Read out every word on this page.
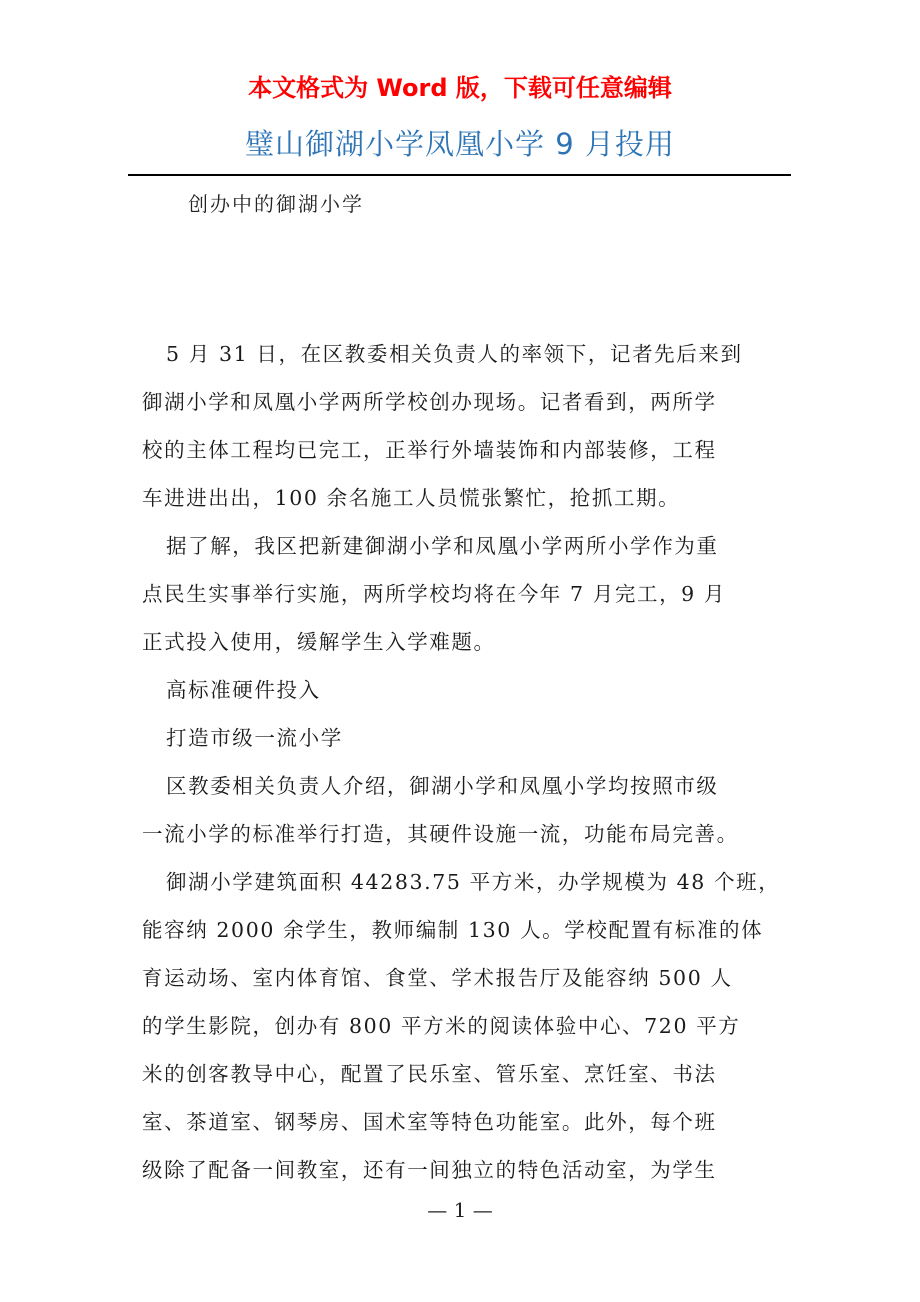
本文格式为 Word 版，下载可任意编辑
璧山御湖小学凤凰小学 9 月投用
创办中的御湖小学
5 月 31 日，在区教委相关负责人的率领下，记者先后来到
御湖小学和凤凰小学两所学校创办现场。记者看到，两所学
校的主体工程均已完工，正举行外墙装饰和内部装修，工程
车进进出出，100 余名施工人员慌张繁忙，抢抓工期。
据了解，我区把新建御湖小学和凤凰小学两所小学作为重
点民生实事举行实施，两所学校均将在今年 7 月完工，9 月
正式投入使用，缓解学生入学难题。
高标准硬件投入
打造市级一流小学
区教委相关负责人介绍，御湖小学和凤凰小学均按照市级
一流小学的标准举行打造，其硬件设施一流，功能布局完善。
御湖小学建筑面积 44283.75 平方米，办学规模为 48 个班，
能容纳 2000 余学生，教师编制 130 人。学校配置有标准的体
育运动场、室内体育馆、食堂、学术报告厅及能容纳 500 人
的学生影院，创办有 800 平方米的阅读体验中心、720 平方
米的创客教导中心，配置了民乐室、管乐室、烹饪室、书法
室、茶道室、钢琴房、国术室等特色功能室。此外，每个班
级除了配备一间教室，还有一间独立的特色活动室，为学生
— 1 —
